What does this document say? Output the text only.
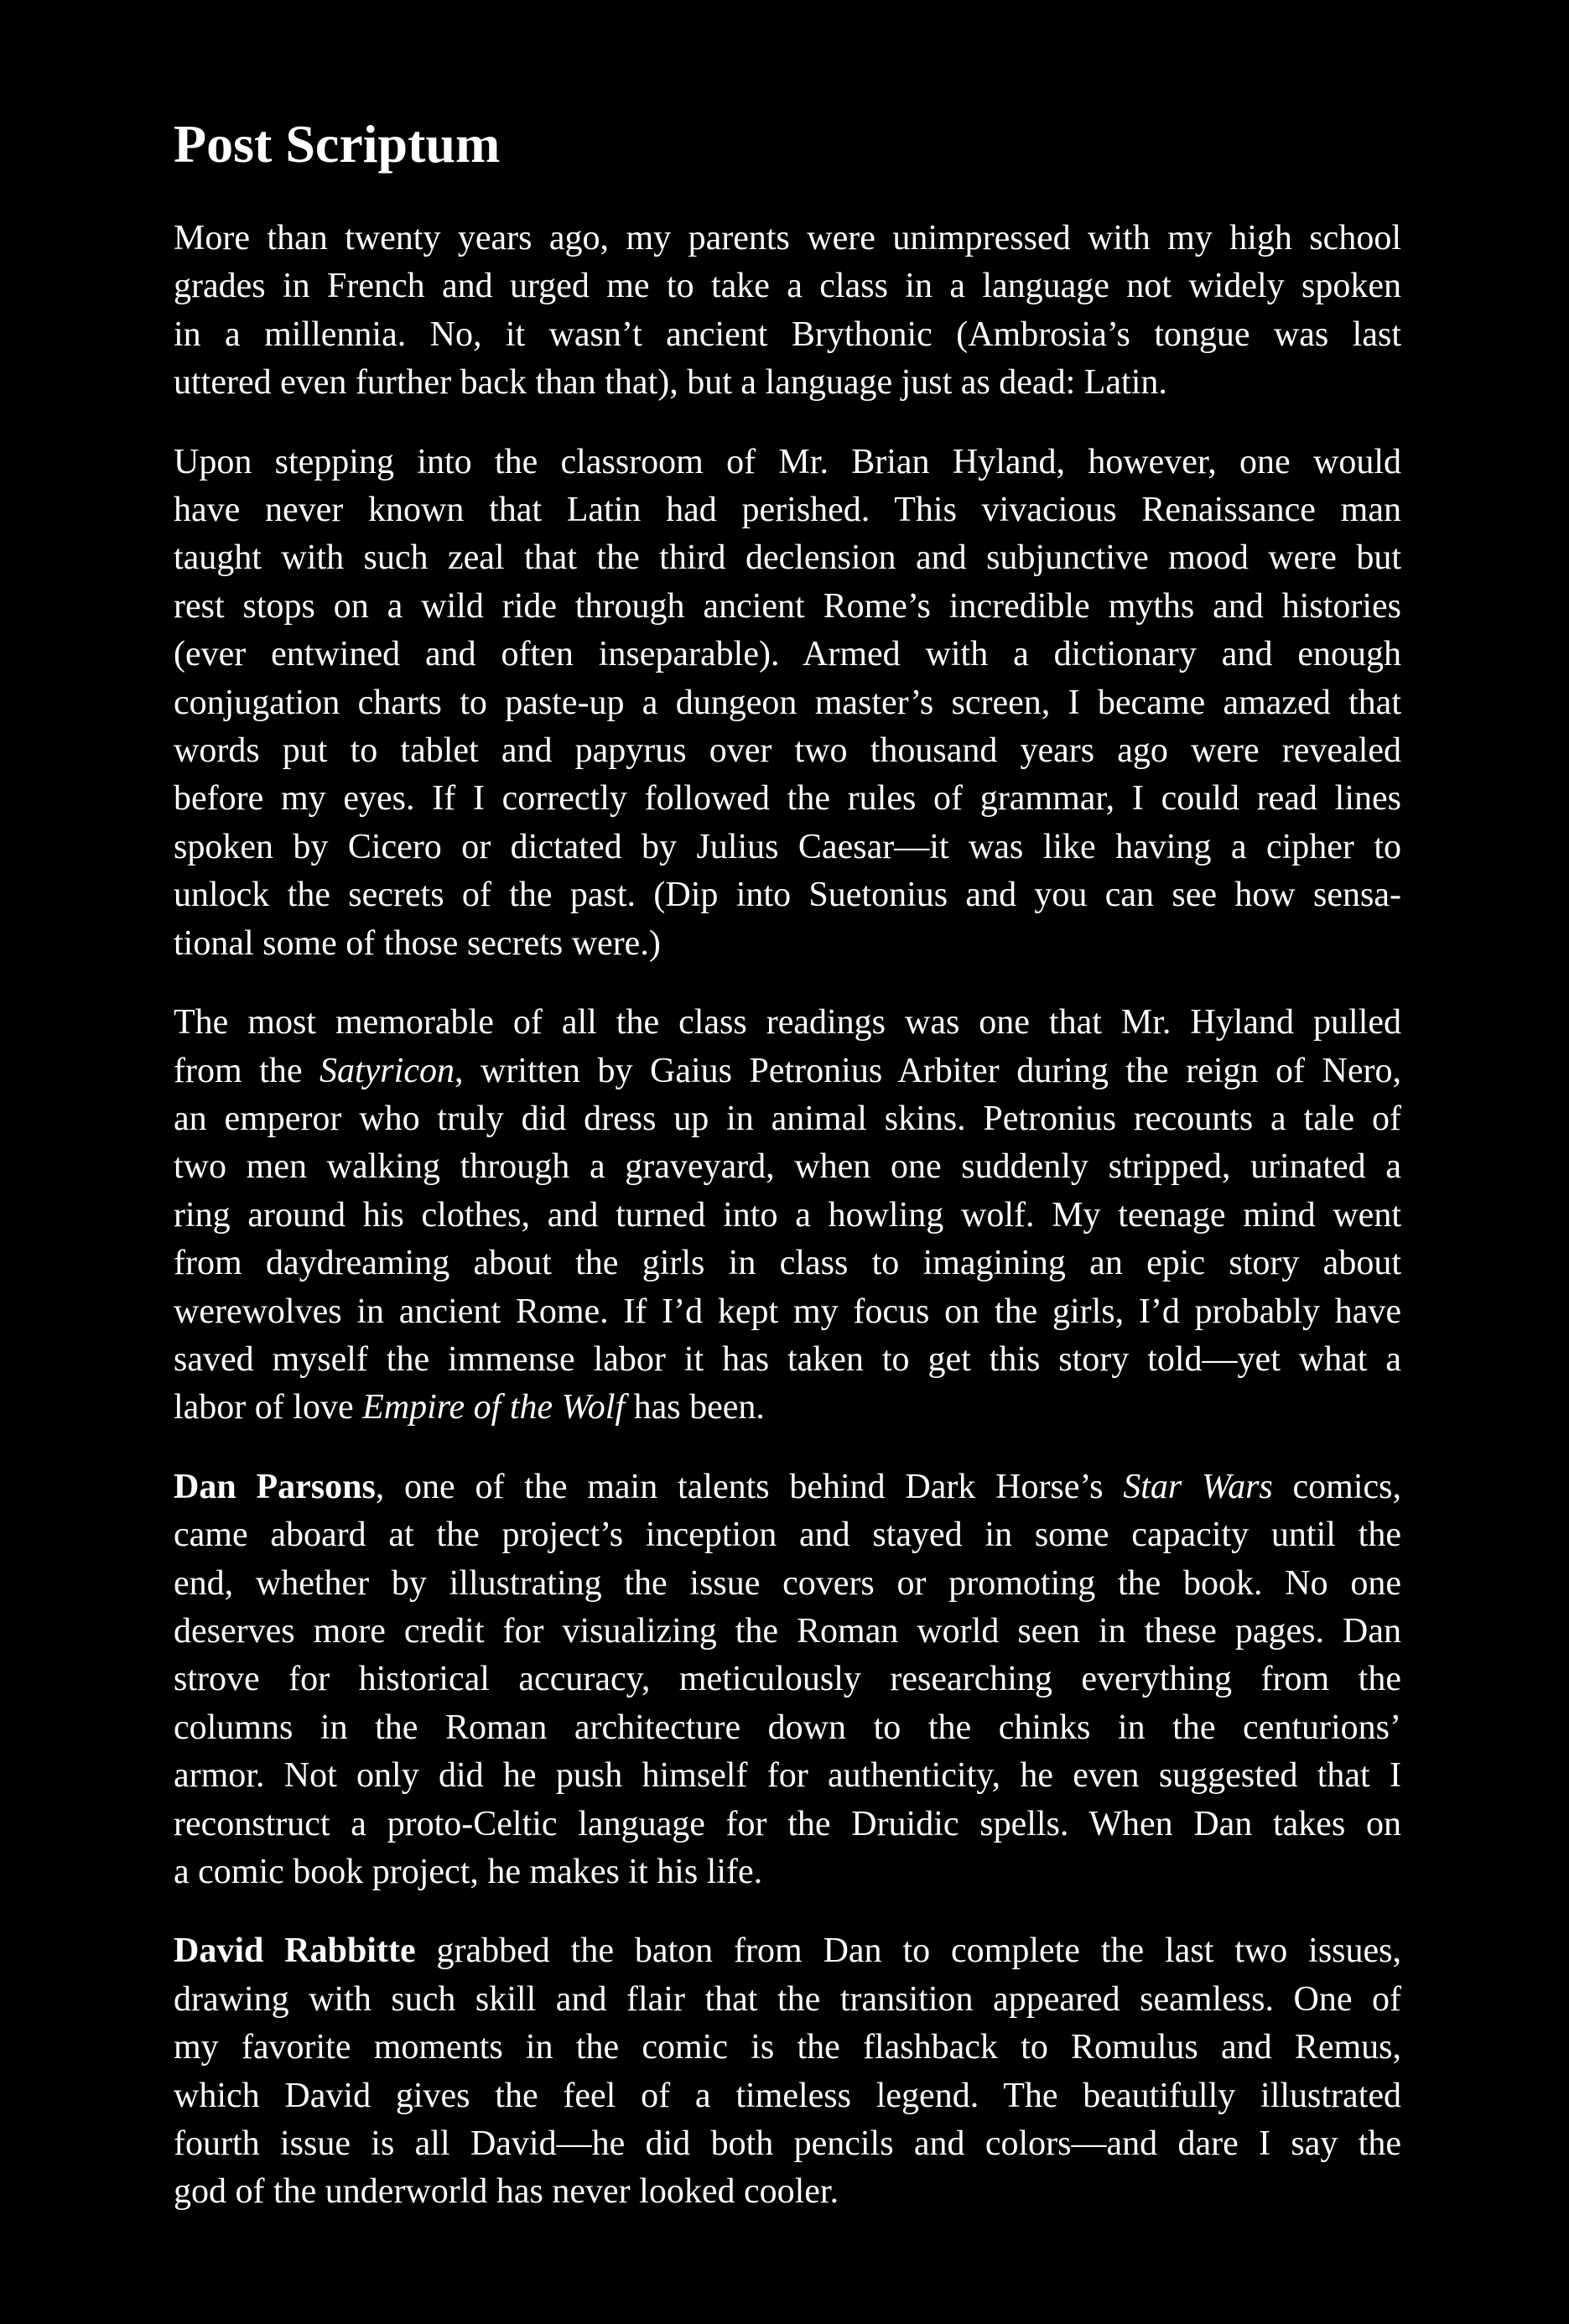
Post Scriptum
More than twenty years ago, my parents were unimpressed with my high school
grades in French and urged me to take a class in a language not widely spoken
in a millennia. No, it wasn’t ancient Brythonic (Ambrosia’s tongue was last
uttered even further back than that), but a language just as dead: Latin.
Upon stepping into the classroom of Mr. Brian Hyland, however, one would
have never known that Latin had perished. This vivacious Renaissance man
taught with such zeal that the third declension and subjunctive mood were but
rest stops on a wild ride through ancient Rome’s incredible myths and histories
(ever entwined and often inseparable). Armed with a dictionary and enough
conjugation charts to paste-up a dungeon master’s screen, I became amazed that
words put to tablet and papyrus over two thousand years ago were revealed
before my eyes. If I correctly followed the rules of grammar, I could read lines
spoken by Cicero or dictated by Julius Caesar—it was like having a cipher to
unlock the secrets of the past. (Dip into Suetonius and you can see how sensa-
tional some of those secrets were.)
The most memorable of all the class readings was one that Mr. Hyland pulled
from the Satyricon, written by Gaius Petronius Arbiter during the reign of Nero,
an emperor who truly did dress up in animal skins. Petronius recounts a tale of
two men walking through a graveyard, when one suddenly stripped, urinated a
ring around his clothes, and turned into a howling wolf. My teenage mind went
from daydreaming about the girls in class to imagining an epic story about
werewolves in ancient Rome. If I’d kept my focus on the girls, I’d probably have
saved myself the immense labor it has taken to get this story told—yet what a
labor of love Empire of the Wolf has been.
Dan Parsons, one of the main talents behind Dark Horse’s Star Wars comics,
came aboard at the project’s inception and stayed in some capacity until the
end, whether by illustrating the issue covers or promoting the book. No one
deserves more credit for visualizing the Roman world seen in these pages. Dan
strove for historical accuracy, meticulously researching everything from the
columns in the Roman architecture down to the chinks in the centurions’
armor. Not only did he push himself for authenticity, he even suggested that I
reconstruct a proto-Celtic language for the Druidic spells. When Dan takes on
a comic book project, he makes it his life.
David Rabbitte grabbed the baton from Dan to complete the last two issues,
drawing with such skill and flair that the transition appeared seamless. One of
my favorite moments in the comic is the flashback to Romulus and Remus,
which David gives the feel of a timeless legend. The beautifully illustrated
fourth issue is all David—he did both pencils and colors—and dare I say the
god of the underworld has never looked cooler.
